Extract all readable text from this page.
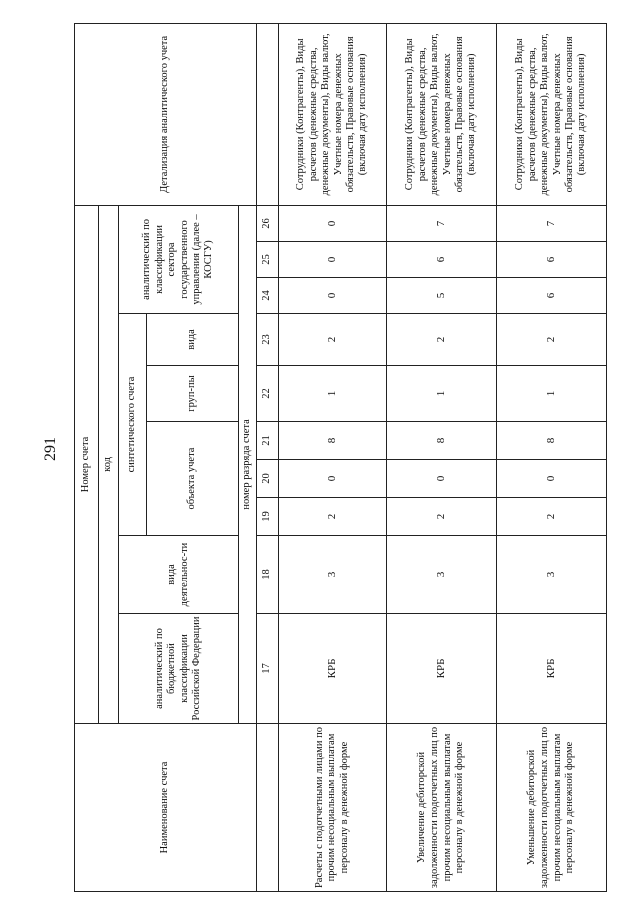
291
Наименование счета	Номер счета										Детализация аналитического учета
	код										
	аналитический по бюджетной классификации Российской Федерации	вида деятельнос-ти	синтетического счета					аналитический по классификации сектора государственного управления (далее – КОСГУ)			
			объекта учета			груп-пы	вида				
	номер разряда счета										
	17	18	19	20	21	22	23	24	25	26	
Расчеты с подотчетными лицами по прочим несоциальным выплатам персоналу в денежной форме	КРБ	3	2	0	8	1	2	0	0	0	Сотрудники (Контрагенты), Виды расчетов (денежные средства, денежные документы), Виды валют, Учетные номера денежных обязательств, Правовые основания (включая дату исполнения)
Увеличение дебиторской задолженности подотчетных лиц по прочим несоциальным выплатам персоналу в денежной форме	КРБ	3	2	0	8	1	2	5	6	7	Сотрудники (Контрагенты), Виды расчетов (денежные средства, денежные документы), Виды валют, Учетные номера денежных обязательств, Правовые основания (включая дату исполнения)
Уменьшение дебиторской задолженности подотчетных лиц по прочим несоциальным выплатам персоналу в денежной форме	КРБ	3	2	0	8	1	2	6	6	7	Сотрудники (Контрагенты), Виды расчетов (денежные средства, денежные документы), Виды валют, Учетные номера денежных обязательств, Правовые основания (включая дату исполнения)
